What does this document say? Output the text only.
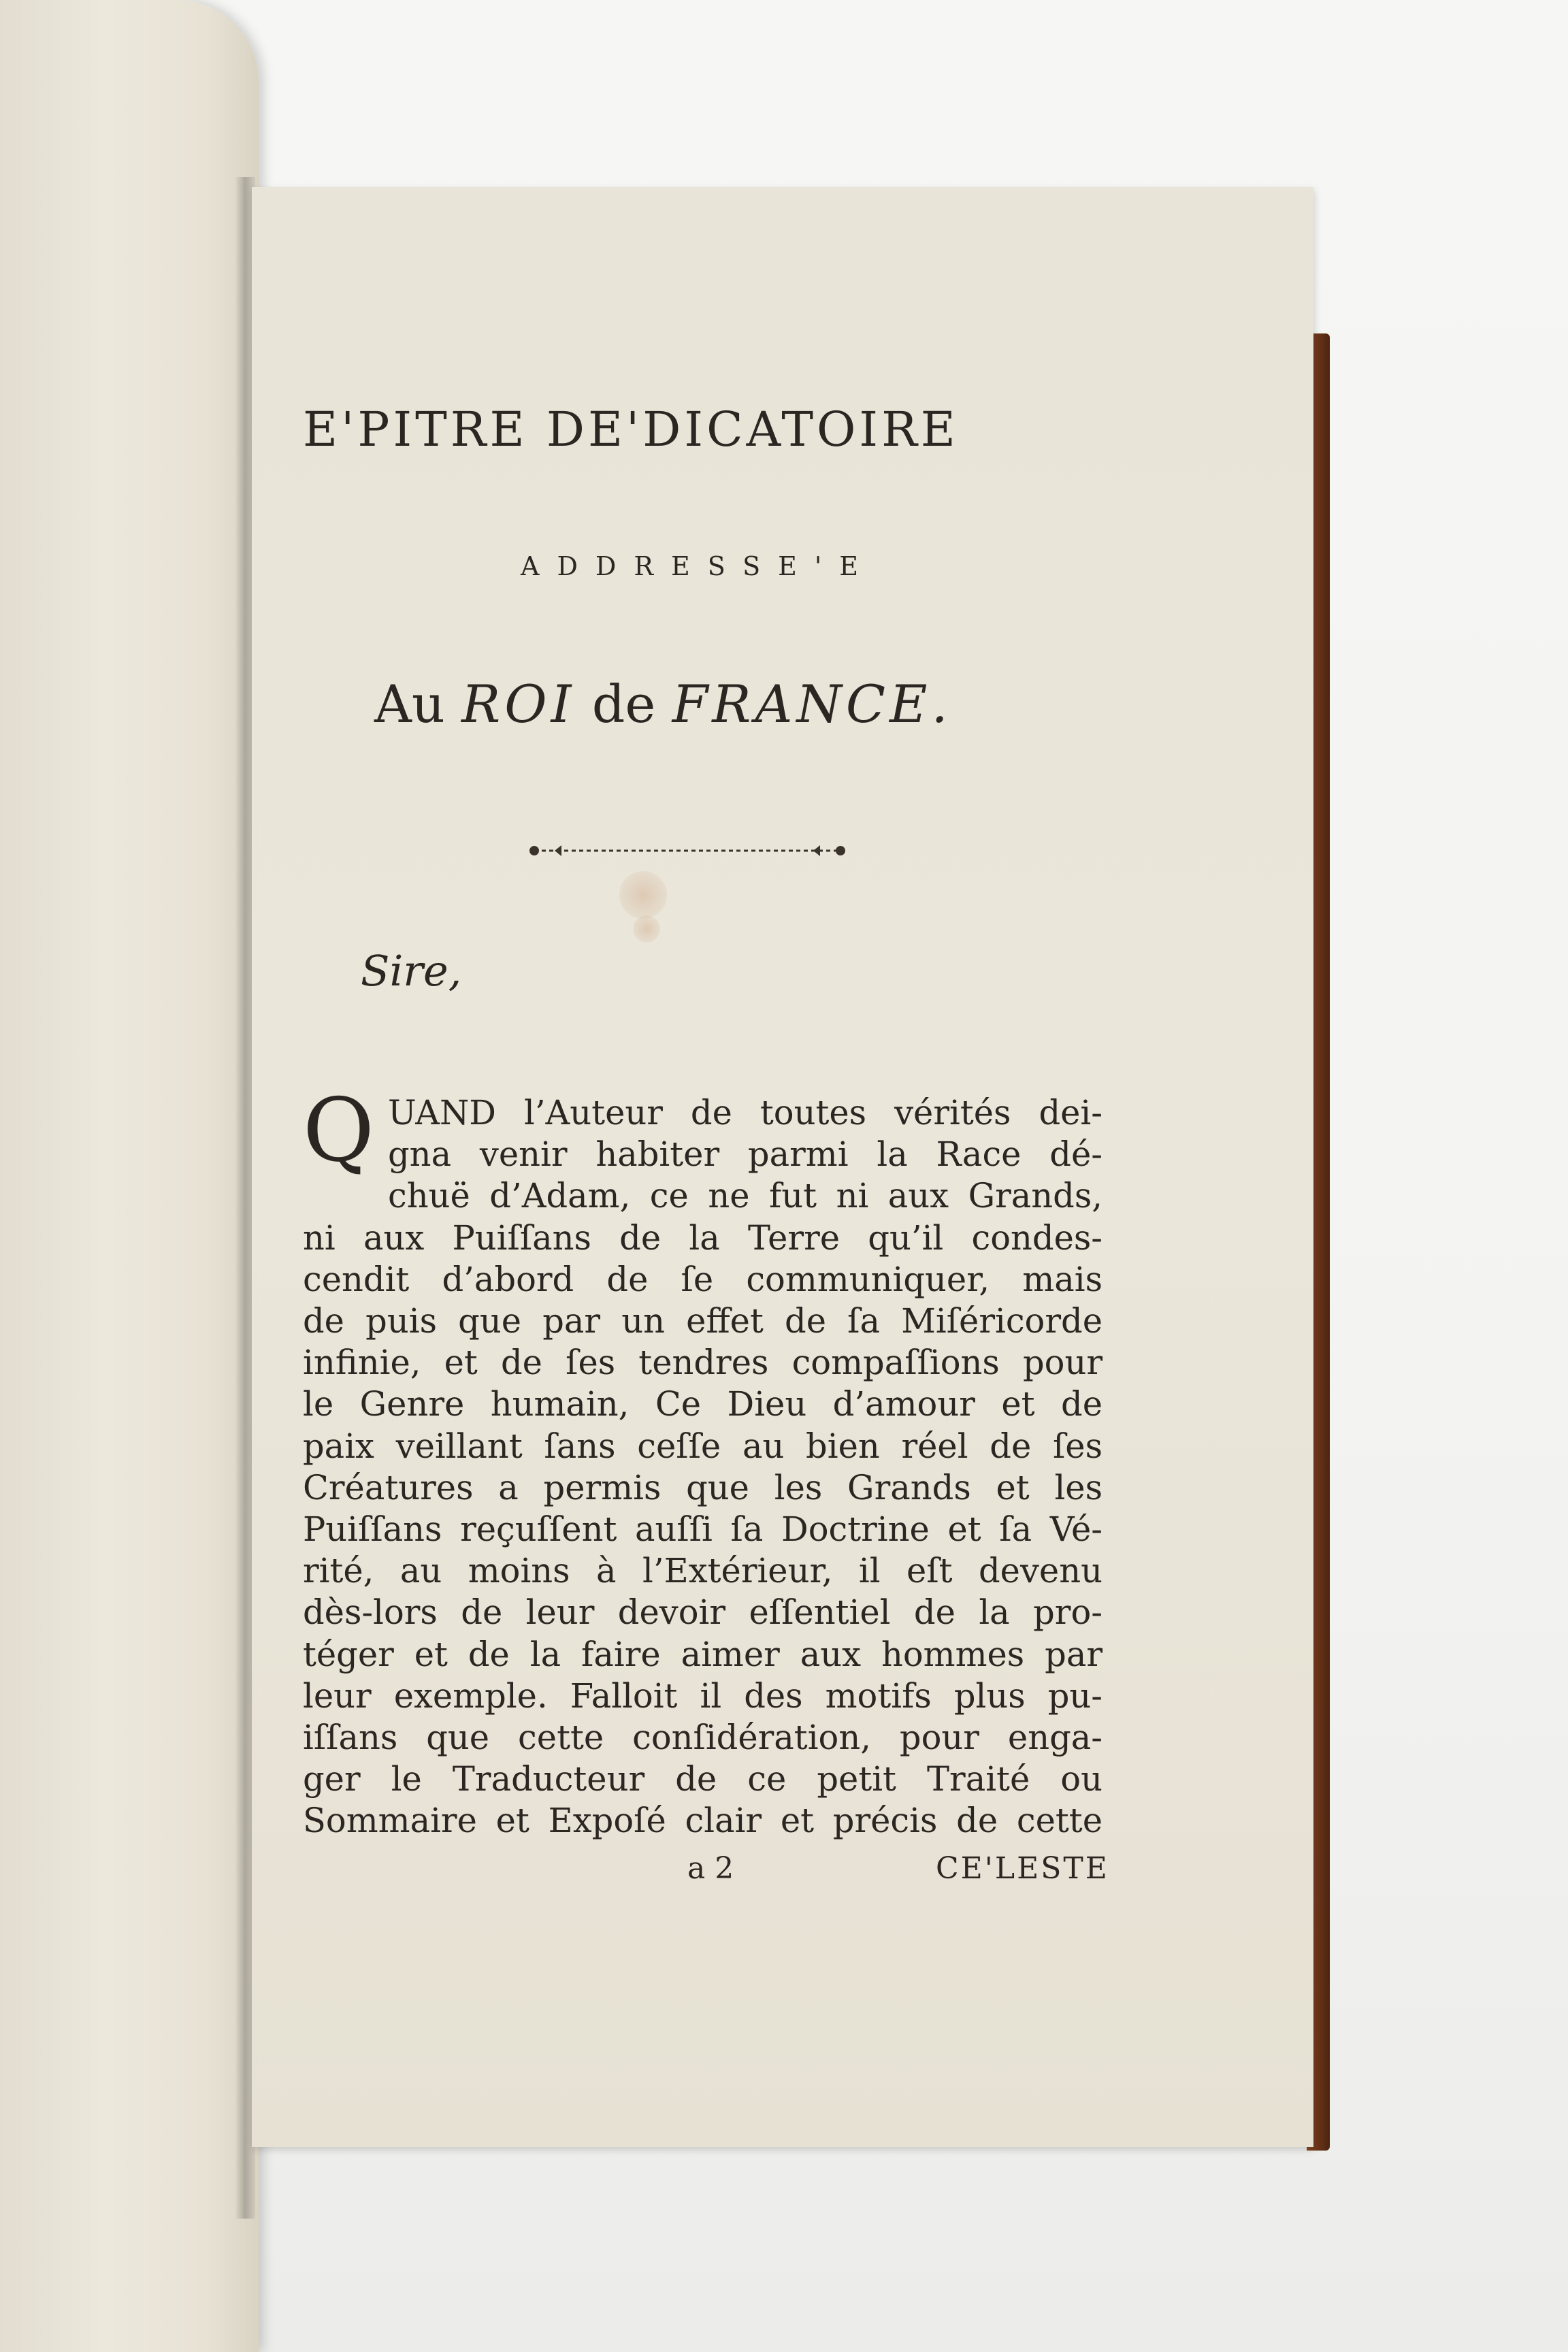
E'PITRE DE'DICATOIRE
ADDRESSE'E
Au ROI de FRANCE.
Sire,
Q UAND l’Auteur de toutes vérités dei-
gna venir habiter parmi la Race dé-
chuë d’Adam, ce ne fut ni aux Grands,
ni aux Puiſſans de la Terre qu’il condes-
cendit d’abord de ſe communiquer, mais
de puis que par un effet de ſa Miſéricorde
infinie, et de ſes tendres compaſſions pour
le Genre humain, Ce Dieu d’amour et de
paix veillant ſans ceſſe au bien réel de ſes
Créatures a permis que les Grands et les
Puiſſans reçuſſent auſſi ſa Doctrine et ſa Vé-
rité, au moins à l’Extérieur, il eſt devenu
dès-lors de leur devoir eſſentiel de la pro-
téger et de la faire aimer aux hommes par
leur exemple. Falloit il des motifs plus pu-
iſſans que cette conſidération, pour enga-
ger le Traducteur de ce petit Traité ou
Sommaire et Expoſé clair et précis de cette
a 2	CE'LESTE
